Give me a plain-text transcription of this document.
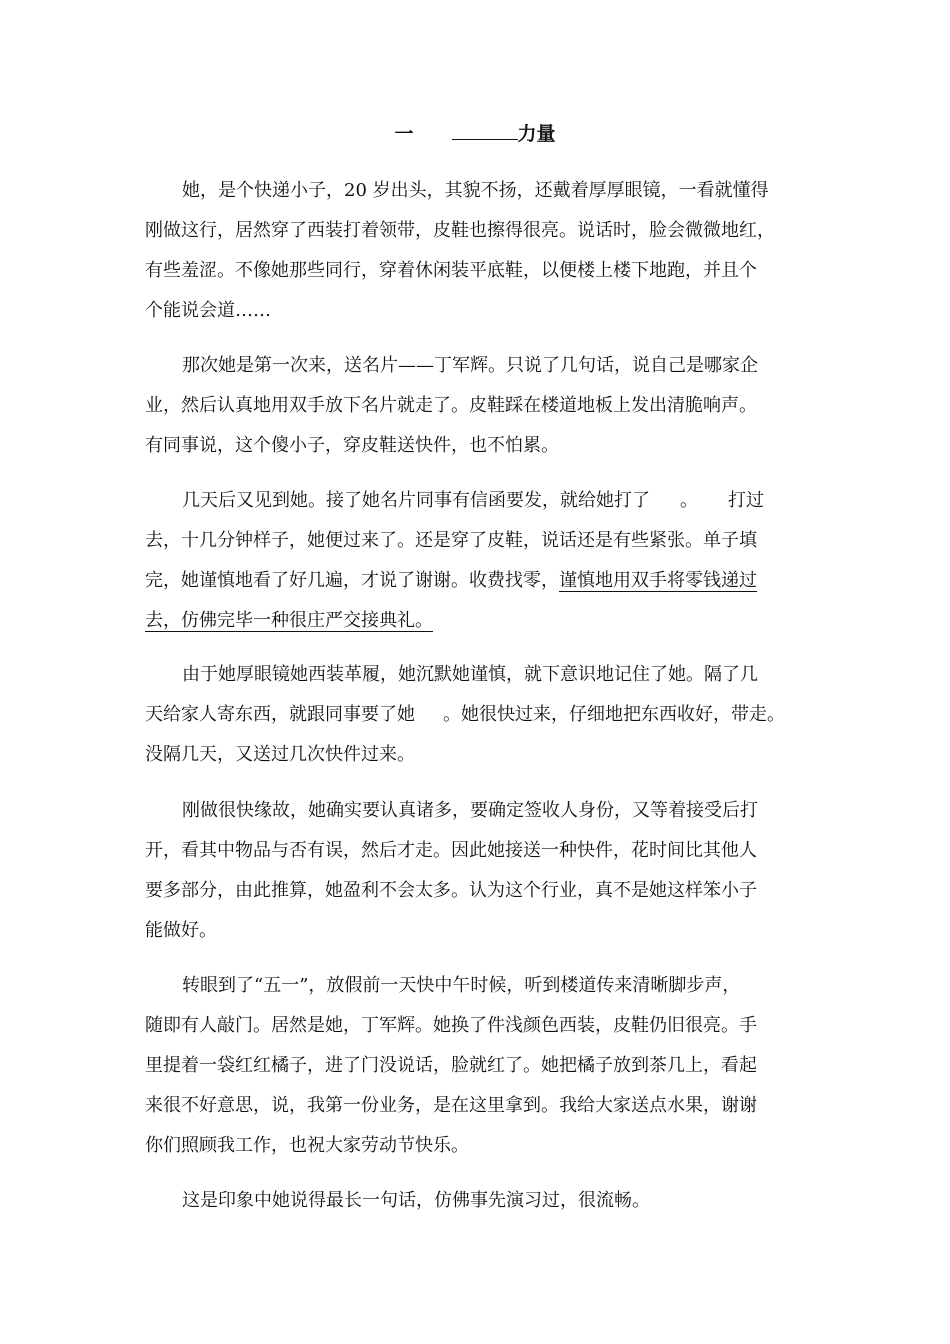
一	力量

她，是个快递小子，20 岁出头，其貌不扬，还戴着厚厚眼镜，一看就懂得
刚做这行，居然穿了西装打着领带，皮鞋也擦得很亮。说话时，脸会微微地红，
有些羞涩。不像她那些同行，穿着休闲装平底鞋，以便楼上楼下地跑，并且个
个能说会道……

那次她是第一次来，送名片——丁军辉。只说了几句话，说自己是哪家企
业，然后认真地用双手放下名片就走了。皮鞋踩在楼道地板上发出清脆响声。
有同事说，这个傻小子，穿皮鞋送快件，也不怕累。

几天后又见到她。接了她名片同事有信函要发，就给她打了 。 打过
去，十几分钟样子，她便过来了。还是穿了皮鞋，说话还是有些紧张。单子填
完，她谨慎地看了好几遍，才说了谢谢。收费找零，谨慎地用双手将零钱递过
去，仿佛完毕一种很庄严交接典礼。

由于她厚眼镜她西装革履，她沉默她谨慎，就下意识地记住了她。隔了几
天给家人寄东西，就跟同事要了她 。她很快过来，仔细地把东西收好，带走。
没隔几天，又送过几次快件过来。

刚做很快缘故，她确实要认真诸多，要确定签收人身份，又等着接受后打
开，看其中物品与否有误，然后才走。因此她接送一种快件，花时间比其他人
要多部分，由此推算，她盈利不会太多。认为这个行业，真不是她这样笨小子
能做好。

转眼到了“五一”，放假前一天快中午时候，听到楼道传来清晰脚步声，
随即有人敲门。居然是她，丁军辉。她换了件浅颜色西装，皮鞋仍旧很亮。手
里提着一袋红红橘子，进了门没说话，脸就红了。她把橘子放到茶几上，看起
来很不好意思，说，我第一份业务，是在这里拿到。我给大家送点水果，谢谢
你们照顾我工作，也祝大家劳动节快乐。

这是印象中她说得最长一句话，仿佛事先演习过，很流畅。
